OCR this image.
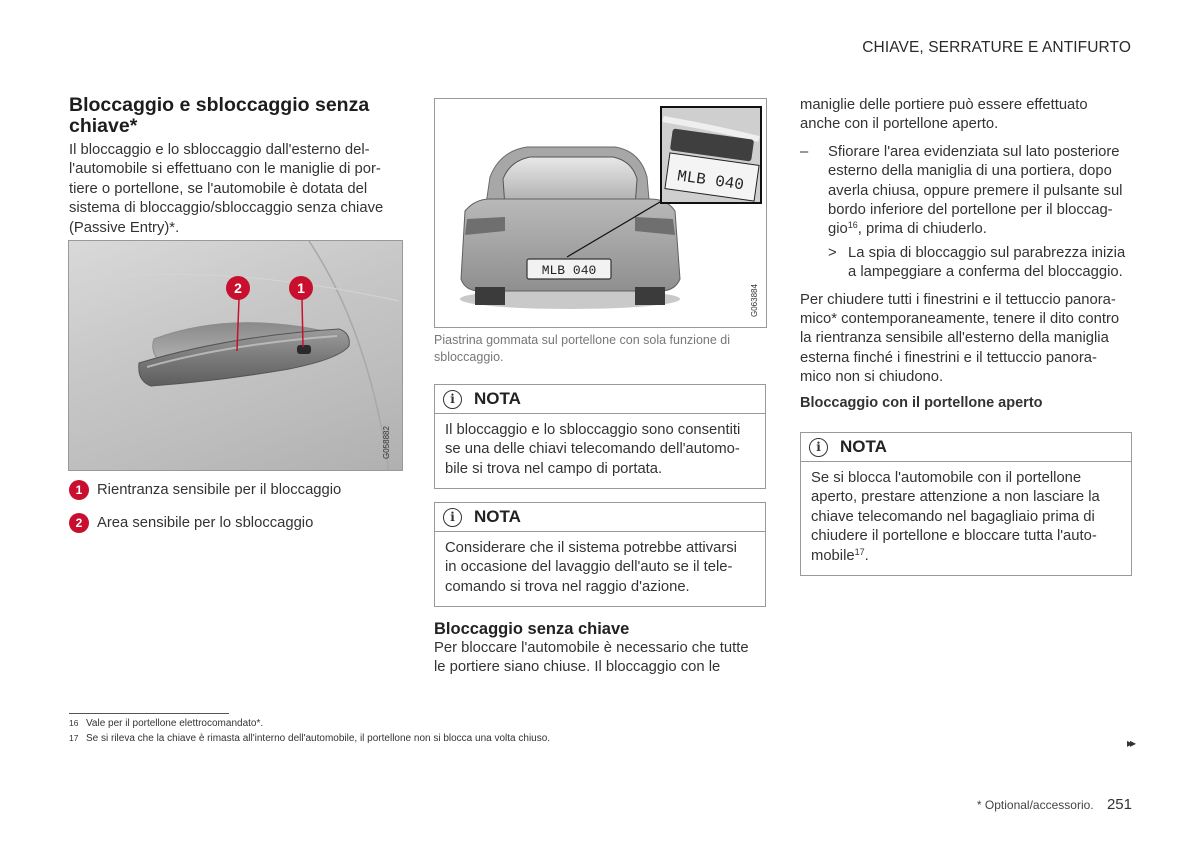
CHIAVE, SERRATURE E ANTIFURTO
Bloccaggio e sbloccaggio senza
chiave*
Il bloccaggio e lo sbloccaggio dall'esterno del-
l'automobile si effettuano con le maniglie di por-
tiere o portellone, se l'automobile è dotata del
sistema di bloccaggio/sbloccaggio senza chiave
(Passive Entry)*.
2	1
G058882
1 Rientranza sensibile per il bloccaggio
2 Area sensibile per lo sbloccaggio
MLB 040
MLB 040
G063884
Piastrina gommata sul portellone con sola funzione di
sbloccaggio.
i	NOTA
Il bloccaggio e lo sbloccaggio sono consentiti
se una delle chiavi telecomando dell'automo-
bile si trova nel campo di portata.
i	NOTA
Considerare che il sistema potrebbe attivarsi
in occasione del lavaggio dell'auto se il tele-
comando si trova nel raggio d'azione.
Bloccaggio senza chiave
Per bloccare l'automobile è necessario che tutte
le portiere siano chiuse. Il bloccaggio con le
maniglie delle portiere può essere effettuato
anche con il portellone aperto.
–	Sfiorare l'area evidenziata sul lato posteriore
esterno della maniglia di una portiera, dopo
averla chiusa, oppure premere il pulsante sul
bordo inferiore del portellone per il bloccag-
gio$^{16}$, prima di chiuderlo.
> La spia di bloccaggio sul parabrezza inizia
a lampeggiare a conferma del bloccaggio.
Per chiudere tutti i finestrini e il tettuccio panora-
mico* contemporaneamente, tenere il dito contro
la rientranza sensibile all'esterno della maniglia
esterna finché i finestrini e il tettuccio panora-
mico non si chiudono.
Bloccaggio con il portellone aperto
i	NOTA
Se si blocca l'automobile con il portellone
aperto, prestare attenzione a non lasciare la
chiave telecomando nel bagagliaio prima di
chiudere il portellone e bloccare tutta l'auto-
mobile$^{17}$.
16 Vale per il portellone elettrocomandato*.
17 Se si rileva che la chiave è rimasta all'interno dell'automobile, il portellone non si blocca una volta chiuso.	▸▸
* Optional/accessorio. 251
